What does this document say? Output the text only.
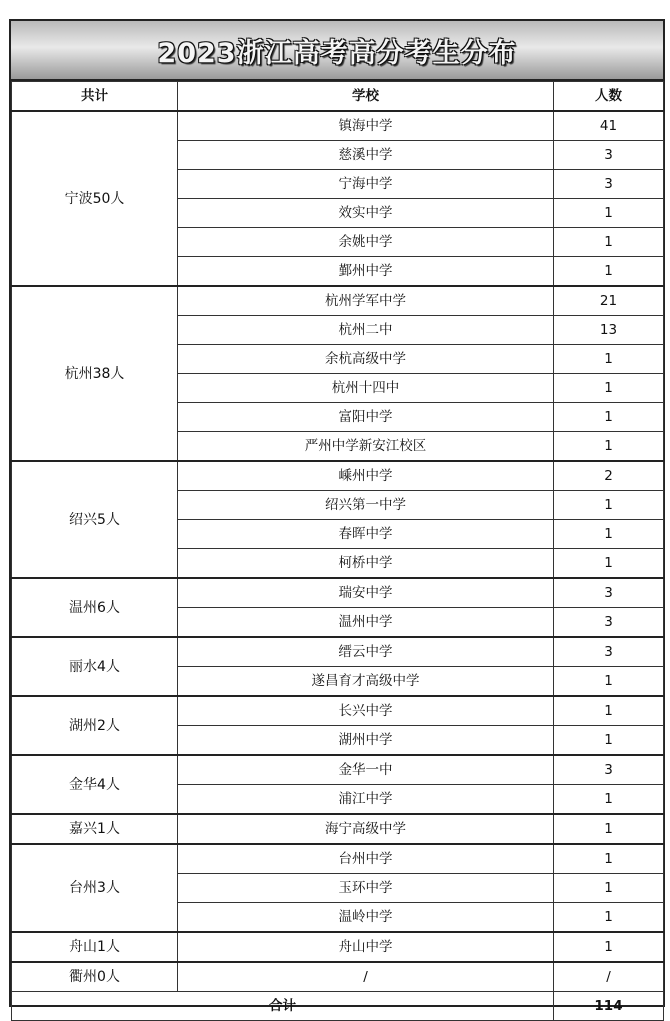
2023浙江高考高分考生分布
共计	学校	人数
宁波50人	镇海中学	41
	慈溪中学	3
	宁海中学	3
	效实中学	1
	余姚中学	1
	鄞州中学	1
杭州38人	杭州学军中学	21
	杭州二中	13
	余杭高级中学	1
	杭州十四中	1
	富阳中学	1
	严州中学新安江校区	1
绍兴5人	嵊州中学	2
	绍兴第一中学	1
	春晖中学	1
	柯桥中学	1
温州6人	瑞安中学	3
	温州中学	3
丽水4人	缙云中学	3
	遂昌育才高级中学	1
湖州2人	长兴中学	1
	湖州中学	1
金华4人	金华一中	3
	浦江中学	1
嘉兴1人	海宁高级中学	1
台州3人	台州中学	1
	玉环中学	1
	温岭中学	1
舟山1人	舟山中学	1
衢州0人	/	/
合计		114
